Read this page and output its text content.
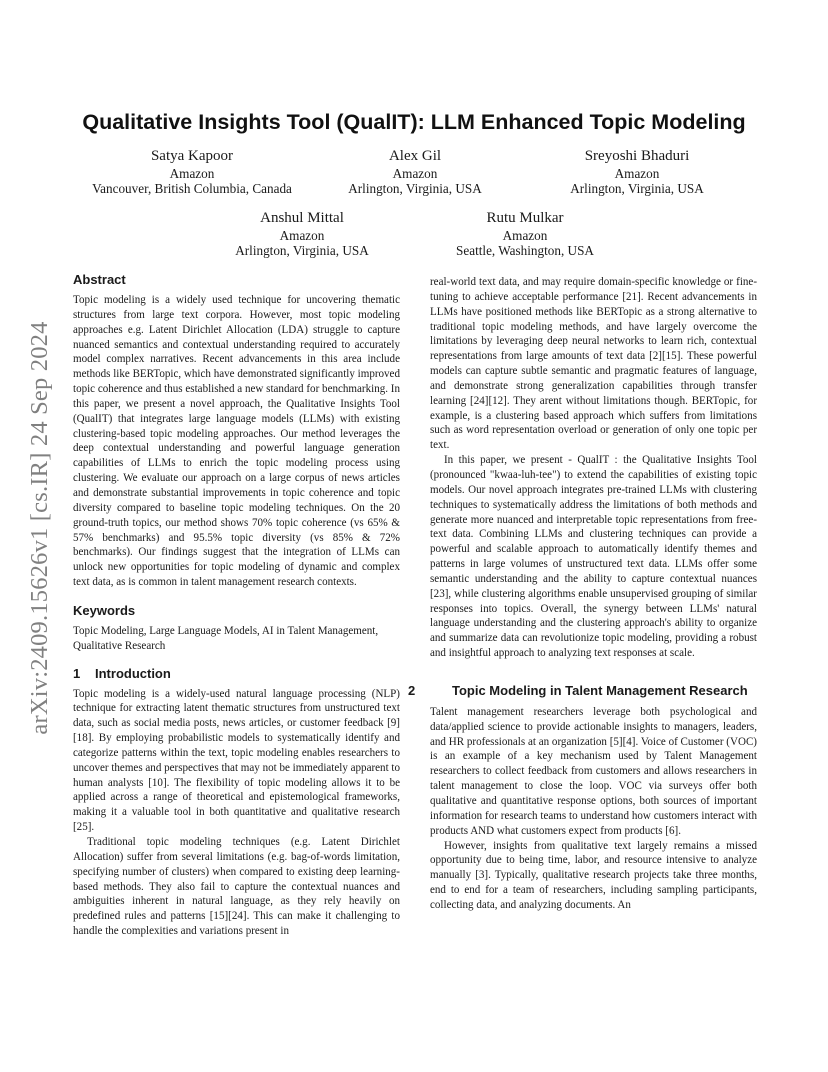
arXiv:2409.15626v1 [cs.IR] 24 Sep 2024
Qualitative Insights Tool (QualIT): LLM Enhanced Topic Modeling
Satya Kapoor
Amazon
Vancouver, British Columbia, Canada
Alex Gil
Amazon
Arlington, Virginia, USA
Sreyoshi Bhaduri
Amazon
Arlington, Virginia, USA
Anshul Mittal
Amazon
Arlington, Virginia, USA
Rutu Mulkar
Amazon
Seattle, Washington, USA
Abstract

Topic modeling is a widely used technique for uncovering thematic structures from large text corpora. However, most topic modeling approaches e.g. Latent Dirichlet Allocation (LDA) struggle to capture nuanced semantics and contextual understanding required to accurately model complex narratives. Recent advancements in this area include methods like BERTopic, which have demonstrated significantly improved topic coherence and thus established a new standard for benchmarking. In this paper, we present a novel approach, the Qualitative Insights Tool (QualIT) that integrates large language models (LLMs) with existing clustering-based topic modeling approaches. Our method leverages the deep contextual understanding and powerful language generation capabilities of LLMs to enrich the topic modeling process using clustering. We evaluate our approach on a large corpus of news articles and demonstrate substantial improvements in topic coherence and topic diversity compared to baseline topic modeling techniques. On the 20 ground-truth topics, our method shows 70% topic coherence (vs 65% & 57% benchmarks) and 95.5% topic diversity (vs 85% & 72% benchmarks). Our findings suggest that the integration of LLMs can unlock new opportunities for topic modeling of dynamic and complex text data, as is common in talent management research contexts.

Keywords

Topic Modeling, Large Language Models, AI in Talent Management, Qualitative Research

1 Introduction

Topic modeling is a widely-used natural language processing (NLP) technique for extracting latent thematic structures from unstructured text data, such as social media posts, news articles, or customer feedback [9][18]. By employing probabilistic models to systematically identify and categorize patterns within the text, topic modeling enables researchers to uncover themes and perspectives that may not be immediately apparent to human analysts [10]. The flexibility of topic modeling allows it to be applied across a range of theoretical and epistemological frameworks, making it a valuable tool in both quantitative and qualitative research [25].

Traditional topic modeling techniques (e.g. Latent Dirichlet Allocation) suffer from several limitations (e.g. bag-of-words limitation, specifying number of clusters) when compared to existing deep learning-based methods. They also fail to capture the contextual nuances and ambiguities inherent in natural language, as they rely heavily on predefined rules and patterns [15][24]. This can make it challenging to handle the complexities and variations present in

real-world text data, and may require domain-specific knowledge or fine-tuning to achieve acceptable performance [21]. Recent advancements in LLMs have positioned methods like BERTopic as a strong alternative to traditional topic modeling methods, and have largely overcome the limitations by leveraging deep neural networks to learn rich, contextual representations from large amounts of text data [2][15]. These powerful models can capture subtle semantic and pragmatic features of language, and demonstrate strong generalization capabilities through transfer learning [24][12]. They arent without limitations though. BERTopic, for example, is a clustering based approach which suffers from limitations such as word representation overload or generation of only one topic per text.

In this paper, we present - QualIT : the Qualitative Insights Tool (pronounced "kwaa-luh-tee") to extend the capabilities of existing topic models. Our novel approach integrates pre-trained LLMs with clustering techniques to systematically address the limitations of both methods and generate more nuanced and interpretable topic representations from free-text data. Combining LLMs and clustering techniques can provide a powerful and scalable approach to automatically identify themes and patterns in large volumes of unstructured text data. LLMs offer some semantic understanding and the ability to capture contextual nuances [23], while clustering algorithms enable unsupervised grouping of similar responses into topics. Overall, the synergy between LLMs' natural language understanding and the clustering approach's ability to organize and summarize data can revolutionize topic modeling, providing a robust and insightful approach to analyzing text responses at scale.

2	Topic Modeling in Talent Management Research

Talent management researchers leverage both psychological and data/applied science to provide actionable insights to managers, leaders, and HR professionals at an organization [5][4]. Voice of Customer (VOC) is an example of a key mechanism used by Talent Management researchers to collect feedback from customers and allows researchers in talent management to close the loop. VOC via surveys offer both qualitative and quantitative response options, both sources of important information for research teams to understand how customers interact with products AND what customers expect from products [6].

However, insights from qualitative text largely remains a missed opportunity due to being time, labor, and resource intensive to analyze manually [3]. Typically, qualitative research projects take three months, end to end for a team of researchers, including sampling participants, collecting data, and analyzing documents. An
